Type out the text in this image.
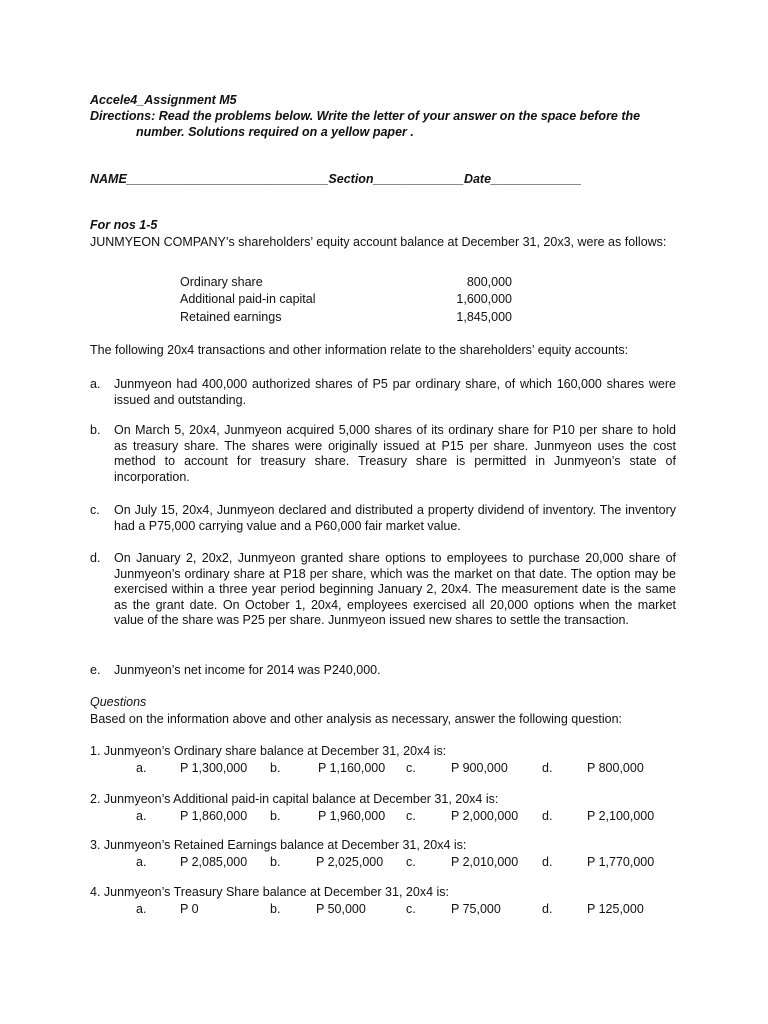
Accele4_Assignment M5
Directions: Read the problems below. Write the letter of your answer on the space before the
number. Solutions required on a yellow paper .
NAME_____________________________Section_____________Date_____________
For nos 1-5
JUNMYEON COMPANY’s shareholders’ equity account balance at December 31, 20x3, were as follows:
Ordinary share	800,000
Additional paid-in capital	1,600,000
Retained earnings	1,845,000
The following 20x4 transactions and other information relate to the shareholders’ equity accounts:
a. Junmyeon had 400,000 authorized shares of P5 par ordinary share, of which 160,000 shares were issued and outstanding.
b. On March 5, 20x4, Junmyeon acquired 5,000 shares of its ordinary share for P10 per share to hold as treasury share. The shares were originally issued at P15 per share. Junmyeon uses the cost method to account for treasury share. Treasury share is permitted in Junmyeon’s state of incorporation.
c. On July 15, 20x4, Junmyeon declared and distributed a property dividend of inventory. The inventory had a P75,000 carrying value and a P60,000 fair market value.
d. On January 2, 20x2, Junmyeon granted share options to employees to purchase 20,000 share of Junmyeon’s ordinary share at P18 per share, which was the market on that date. The option may be exercised within a three year period beginning January 2, 20x4. The measurement date is the same as the grant date. On October 1, 20x4, employees exercised all 20,000 options when the market value of the share was P25 per share. Junmyeon issued new shares to settle the transaction.
e. Junmyeon’s net income for 2014 was P240,000.
Questions
Based on the information above and other analysis as necessary, answer the following question:
1. Junmyeon’s Ordinary share balance at December 31, 20x4 is:
a.	P 1,300,000 b.	P 1,160,000 c.	P 900,000	d.	P 800,000
2. Junmyeon’s Additional paid-in capital balance at December 31, 20x4 is:
a.	P 1,860,000 b.	P 1,960,000 c.	P 2,000,000 d.	P 2,100,000
3. Junmyeon’s Retained Earnings balance at December 31, 20x4 is:
a.	P 2,085,000 b.	P 2,025,000 c.	P 2,010,000 d.	P 1,770,000
4. Junmyeon’s Treasury Share balance at December 31, 20x4 is:
a.	P 0	b.	P 50,000	c.	P 75,000	d.	P 125,000
